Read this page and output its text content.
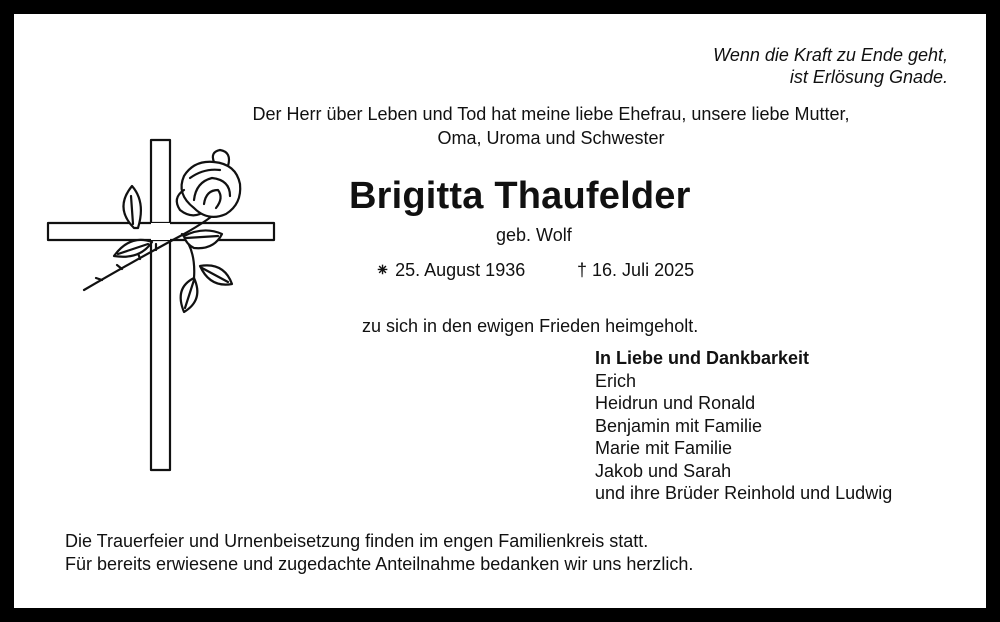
Wenn die Kraft zu Ende geht,
ist Erlösung Gnade.
Der Herr über Leben und Tod hat meine liebe Ehefrau, unsere liebe Mutter,
Oma, Uroma und Schwester
Brigitta Thaufelder
geb. Wolf
⁕ 25. August 1936	† 16. Juli 2025
zu sich in den ewigen Frieden heimgeholt.
In Liebe und Dankbarkeit
Erich
Heidrun und Ronald
Benjamin mit Familie
Marie mit Familie
Jakob und Sarah
und ihre Brüder Reinhold und Ludwig
Die Trauerfeier und Urnenbeisetzung finden im engen Familienkreis statt.
Für bereits erwiesene und zugedachte Anteilnahme bedanken wir uns herzlich.
